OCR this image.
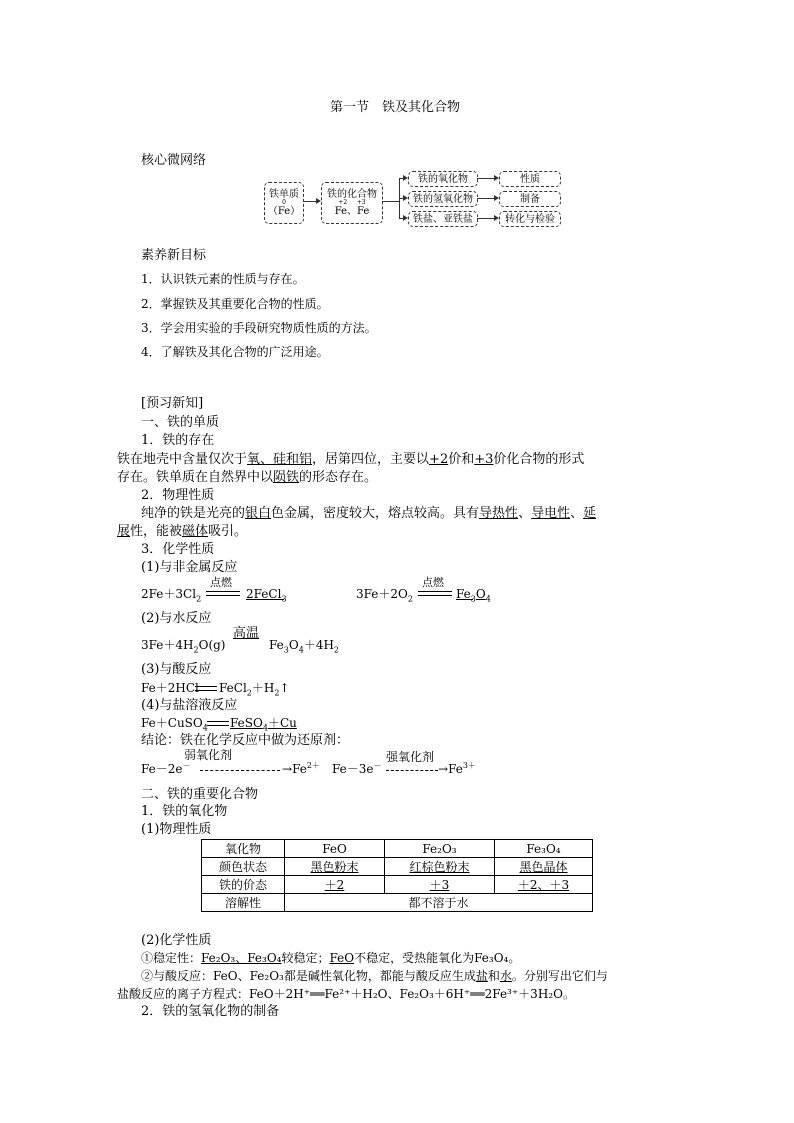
第一节　铁及其化合物
核心微网络
铁单质
0
（Fe）
铁的化合物
+2 +3
Fe、Fe
铁的氧化物
铁的氢氧化物
铁盐、亚铁盐
性质
制备
转化与检验
素养新目标
1．认识铁元素的性质与存在。
2．掌握铁及其重要化合物的性质。
3．学会用实验的手段研究物质性质的方法。
4．了解铁及其化合物的广泛用途。
[预习新知]
一、铁的单质
1．铁的存在
铁在地壳中含量仅次于氧、硅和铝，居第四位，主要以+2价和+3价化合物的形式
存在。铁单质在自然界中以陨铁的形态存在。
2．物理性质
纯净的铁是光亮的银白色金属，密度较大，熔点较高。具有导热性、导电性、延
展性，能被磁体吸引。
3．化学性质
(1)与非金属反应
$2Fe+3Cl_2$
点燃
2FeCl$_3$	$3Fe+2O_2$
点燃
$Fe_3O_4$
(2)与水反应
$3Fe+4H_2O(g)$
高温
$Fe_3O_4+4H_2$
(3)与酸反应
Fe＋2HCl $FeCl_2+H_2↑$
(4)与盐溶液反应
Fe＋CuSO$_4$ FeSO$_4$＋Cu
结论：铁在化学反应中做为还原剂：
弱氧化剂	强氧化剂
Fe－2e－	$\to Fe^{2+}$ Fe－3e－	$\to Fe^{3+}$
二、铁的重要化合物
1．铁的氧化物
(1)物理性质
氧化物	FeO	Fe₂O₃	Fe₃O₄
颜色状态	黑色粉末	红棕色粉末	黑色晶体
铁的价态	＋2	＋3	＋2、＋3
溶解性	都不溶于水		
(2)化学性质
①稳定性：Fe₂O₃、Fe₃O₄较稳定；FeO不稳定，受热能氧化为Fe₃O₄。
②与酸反应：FeO、Fe₂O₃都是碱性氧化物，都能与酸反应生成盐和水。分别写出它们与
盐酸反应的离子方程式：FeO＋2H⁺══Fe²⁺＋H₂O、Fe₂O₃＋6H⁺══2Fe³⁺＋3H₂O。
2．铁的氢氧化物的制备
